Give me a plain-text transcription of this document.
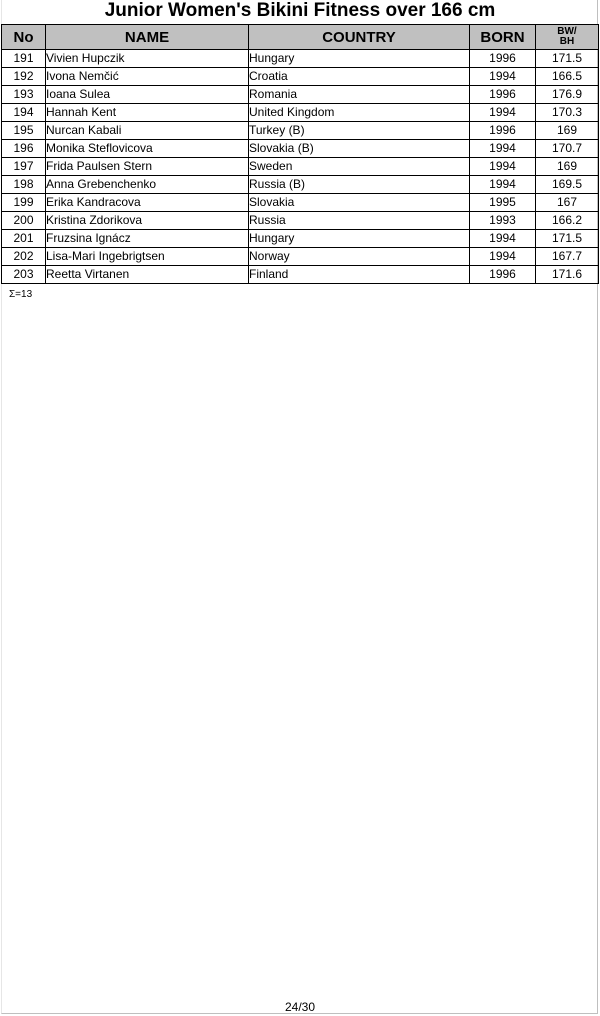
Junior Women's Bikini Fitness over 166 cm
No	NAME	COUNTRY	BORN	BW/
BH
191	Vivien Hupczik	Hungary	1996	171.5
192	Ivona Nemčić	Croatia	1994	166.5
193	Ioana Sulea	Romania	1996	176.9
194	Hannah Kent	United Kingdom	1994	170.3
195	Nurcan Kabali	Turkey (B)	1996	169
196	Monika Steflovicova	Slovakia (B)	1994	170.7
197	Frida Paulsen Stern	Sweden	1994	169
198	Anna Grebenchenko	Russia (B)	1994	169.5
199	Erika Kandracova	Slovakia	1995	167
200	Kristina Zdorikova	Russia	1993	166.2
201	Fruzsina Ignácz	Hungary	1994	171.5
202	Lisa-Mari Ingebrigtsen	Norway	1994	167.7
203	Reetta Virtanen	Finland	1996	171.6
Σ=13
24/30
